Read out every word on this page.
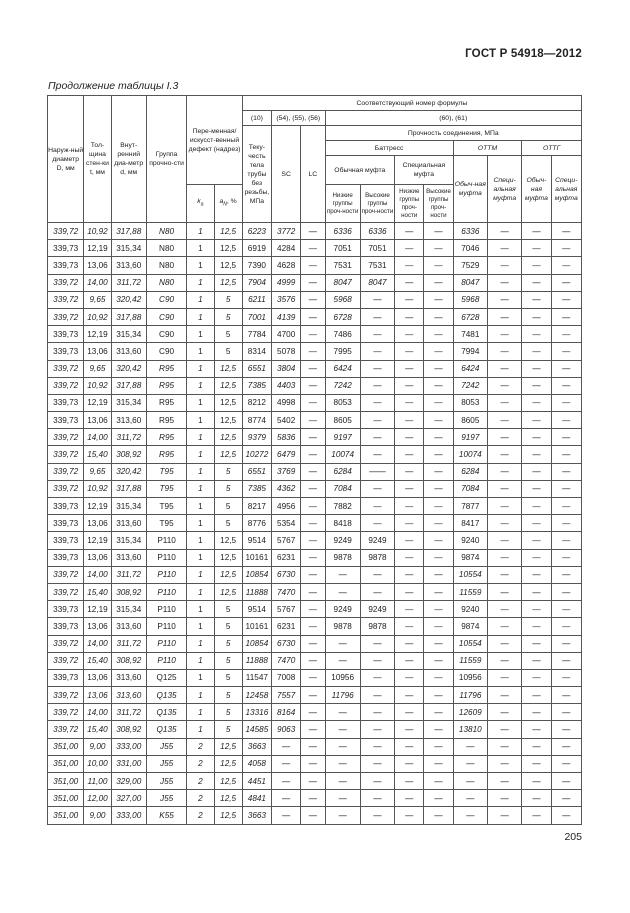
ГОСТ Р 54918—2012
Продолжение таблицы I.3
Наруж-ный диаметр D, мм	Тол-щина стен-ки t, мм	Внут-ренний диа-метр d, мм	Группа прочно-сти	Пере-менная/ искусст-венный дефект (надрез)		Соответствующий номер формулы										
						(10)	(54), (55), (56)		(60), (61)							
						Теку-честь тела трубы без резьбы, МПа	SC	LC	Прочность соединения, МПа							
									Баттресс				ОТТМ		ОТТГ	
									Обычная муфта		Специальная муфта		Обыч-ная муфта	Специ-альная муфта	Обыч-ная муфта	Специ-альная муфта
				$k_a$	$a_N$, %				Низкие группы проч-ности	Высокие группы проч-ности	Низкие группы проч-ности	Высокие группы проч-ности				
339,72	10,92	317,88	N80	1	12,5	6223	3772	—	6336	6336	—	—	6336	—	—	—
339,73	12,19	315,34	N80	1	12,5	6919	4284	—	7051	7051	—	—	7046	—	—	—
339,73	13,06	313,60	N80	1	12,5	7390	4628	—	7531	7531	—	—	7529	—	—	—
339,72	14,00	311,72	N80	1	12,5	7904	4999	—	8047	8047	—	—	8047	—	—	—
339,72	9,65	320,42	C90	1	5	6211	3576	—	5968	—	—	—	5968	—	—	—
339,72	10,92	317,88	C90	1	5	7001	4139	—	6728	—	—	—	6728	—	—	—
339,73	12,19	315,34	C90	1	5	7784	4700	—	7486	—	—	—	7481	—	—	—
339,73	13,06	313,60	C90	1	5	8314	5078	—	7995	—	—	—	7994	—	—	—
339,72	9,65	320,42	R95	1	12,5	6551	3804	—	6424	—	—	—	6424	—	—	—
339,72	10,92	317,88	R95	1	12,5	7385	4403	—	7242	—	—	—	7242	—	—	—
339,73	12,19	315,34	R95	1	12,5	8212	4998	—	8053	—	—	—	8053	—	—	—
339,73	13,06	313,60	R95	1	12,5	8774	5402	—	8605	—	—	—	8605	—	—	—
339,72	14,00	311,72	R95	1	12,5	9379	5836	—	9197	—	—	—	9197	—	—	—
339,72	15,40	308,92	R95	1	12,5	10272	6479	—	10074	—	—	—	10074	—	—	—
339,72	9,65	320,42	T95	1	5	6551	3769	—	6284	——	—	—	6284	—	—	—
339,72	10,92	317,88	T95	1	5	7385	4362	—	7084	—	—	—	7084	—	—	—
339,73	12,19	315,34	T95	1	5	8217	4956	—	7882	—	—	—	7877	—	—	—
339,73	13,06	313,60	T95	1	5	8776	5354	—	8418	—	—	—	8417	—	—	—
339,73	12,19	315,34	P110	1	12,5	9514	5767	—	9249	9249	—	—	9240	—	—	—
339,73	13,06	313,60	P110	1	12,5	10161	6231	—	9878	9878	—	—	9874	—	—	—
339,72	14,00	311,72	P110	1	12,5	10854	6730	—	—	—	—	—	10554	—	—	—
339,72	15,40	308,92	P110	1	12,5	11888	7470	—	—	—	—	—	11559	—	—	—
339,73	12,19	315,34	P110	1	5	9514	5767	—	9249	9249	—	—	9240	—	—	—
339,73	13,06	313,60	P110	1	5	10161	6231	—	9878	9878	—	—	9874	—	—	—
339,72	14,00	311,72	P110	1	5	10854	6730	—	—	—	—	—	10554	—	—	—
339,72	15,40	308,92	P110	1	5	11888	7470	—	—	—	—	—	11559	—	—	—
339,73	13,06	313,60	Q125	1	5	11547	7008	—	10956	—	—	—	10956	—	—	—
339,72	13,06	313,60	Q135	1	5	12458	7557	—	11796	—	—	—	11796	—	—	—
339,72	14,00	311,72	Q135	1	5	13316	8164	—	—	—	—	—	12609	—	—	—
339,72	15,40	308,92	Q135	1	5	14585	9063	—	—	—	—	—	13810	—	—	—
351,00	9,00	333,00	J55	2	12,5	3663	—	—	—	—	—	—	—	—	—	—
351,00	10,00	331,00	J55	2	12,5	4058	—	—	—	—	—	—	—	—	—	—
351,00	11,00	329,00	J55	2	12,5	4451	—	—	—	—	—	—	—	—	—	—
351,00	12,00	327,00	J55	2	12,5	4841	—	—	—	—	—	—	—	—	—	—
351,00	9,00	333,00	K55	2	12,5	3663	—	—	—	—	—	—	—	—	—	—
205
